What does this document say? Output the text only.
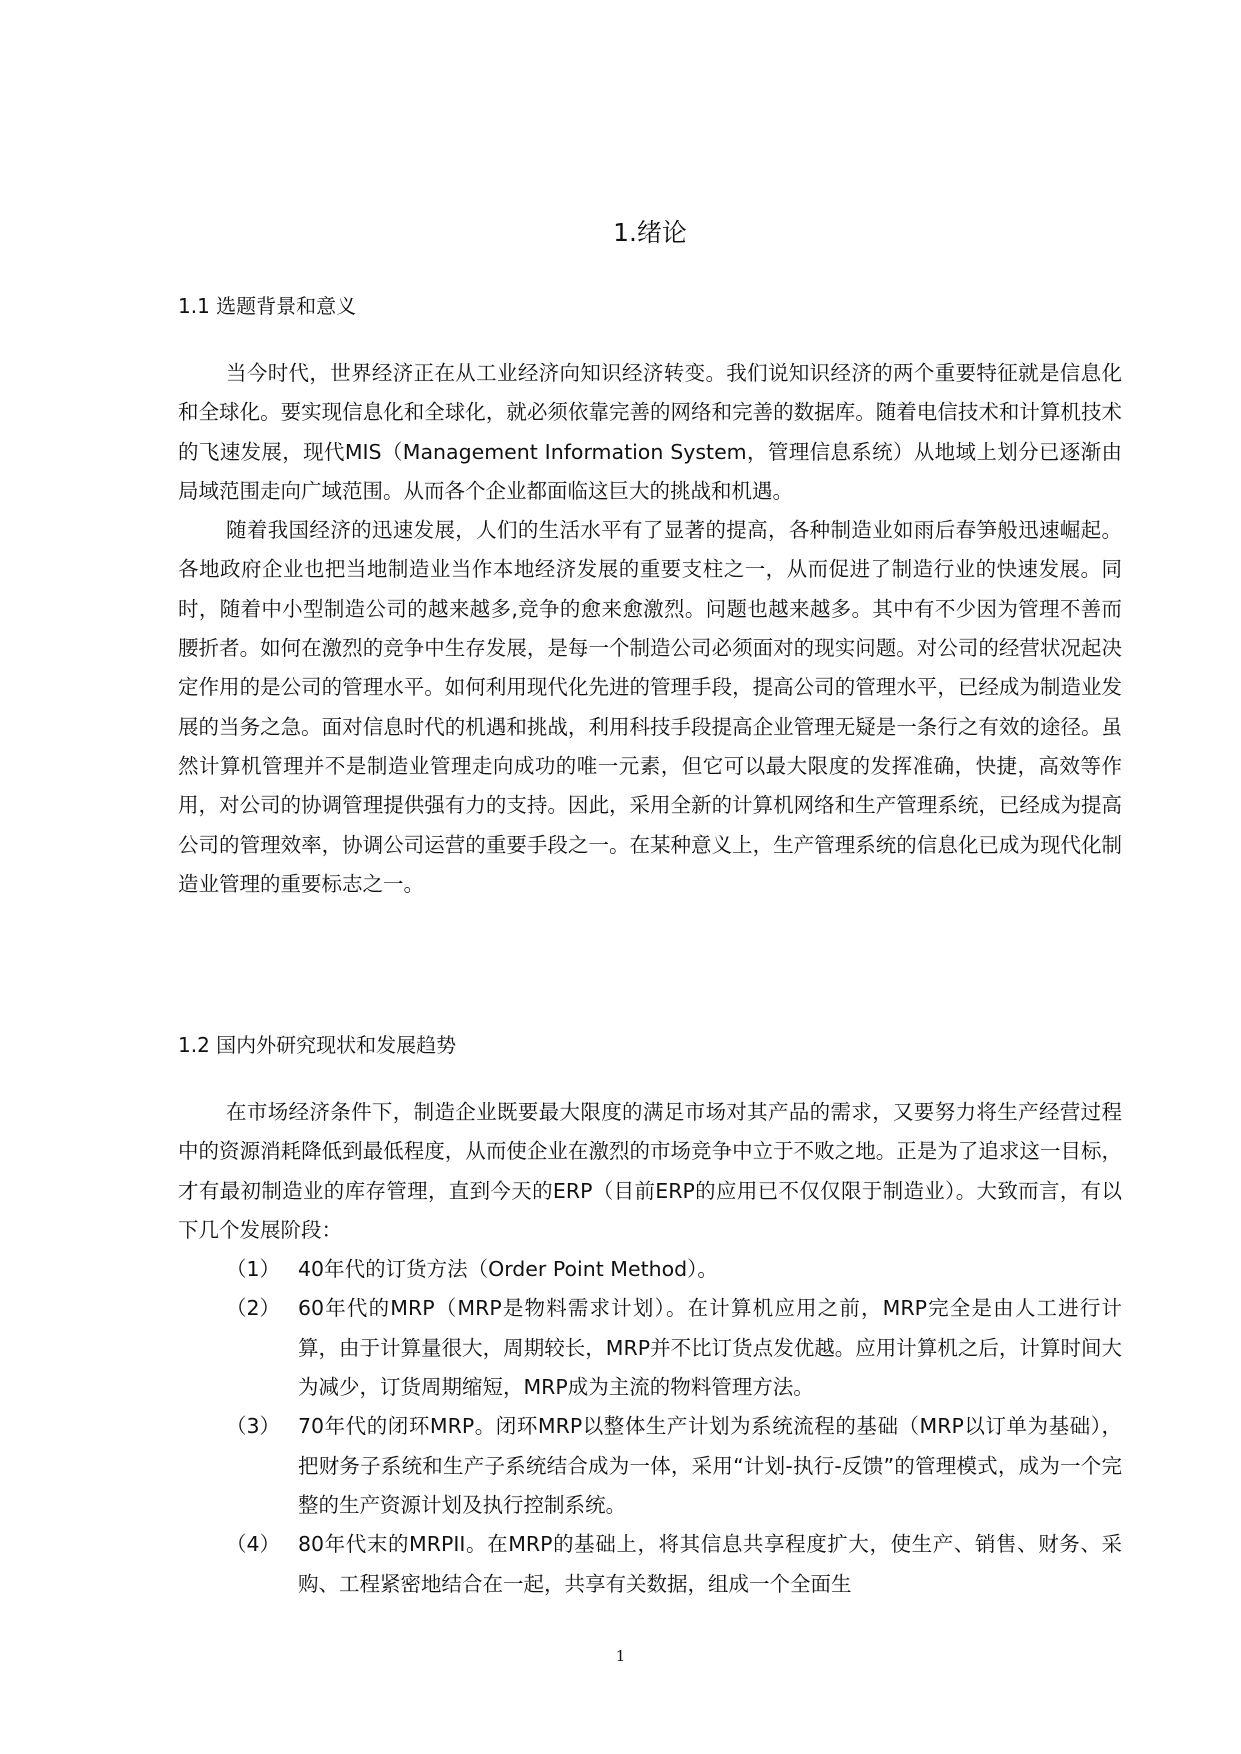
1.绪论
1.1 选题背景和意义

当今时代，世界经济正在从工业经济向知识经济转变。我们说知识经济的两个重要特征就是信息化和全球化。要实现信息化和全球化，就必须依靠完善的网络和完善的数据库。随着电信技术和计算机技术的飞速发展，现代MIS（Management Information System，管理信息系统）从地域上划分已逐渐由局域范围走向广域范围。从而各个企业都面临这巨大的挑战和机遇。

随着我国经济的迅速发展，人们的生活水平有了显著的提高，各种制造业如雨后春笋般迅速崛起。各地政府企业也把当地制造业当作本地经济发展的重要支柱之一，从而促进了制造行业的快速发展。同时，随着中小型制造公司的越来越多,竞争的愈来愈激烈。问题也越来越多。其中有不少因为管理不善而腰折者。如何在激烈的竞争中生存发展，是每一个制造公司必须面对的现实问题。对公司的经营状况起决定作用的是公司的管理水平。如何利用现代化先进的管理手段，提高公司的管理水平，已经成为制造业发展的当务之急。面对信息时代的机遇和挑战，利用科技手段提高企业管理无疑是一条行之有效的途径。虽然计算机管理并不是制造业管理走向成功的唯一元素，但它可以最大限度的发挥准确，快捷，高效等作用，对公司的协调管理提供强有力的支持。因此，采用全新的计算机网络和生产管理系统，已经成为提高公司的管理效率，协调公司运营的重要手段之一。在某种意义上，生产管理系统的信息化已成为现代化制造业管理的重要标志之一。

1.2 国内外研究现状和发展趋势

在市场经济条件下，制造企业既要最大限度的满足市场对其产品的需求，又要努力将生产经营过程中的资源消耗降低到最低程度，从而使企业在激烈的市场竞争中立于不败之地。正是为了追求这一目标，才有最初制造业的库存管理，直到今天的ERP（目前ERP的应用已不仅仅限于制造业）。大致而言，有以下几个发展阶段：

（1） 40年代的订货方法（Order Point Method）。
（2） 60年代的MRP（MRP是物料需求计划）。在计算机应用之前，MRP完全是由人工进行计算，由于计算量很大，周期较长，MRP并不比订货点发优越。应用计算机之后，计算时间大为减少，订货周期缩短，MRP成为主流的物料管理方法。
（3） 70年代的闭环MRP。闭环MRP以整体生产计划为系统流程的基础（MRP以订单为基础），把财务子系统和生产子系统结合成为一体，采用“计划-执行-反馈”的管理模式，成为一个完整的生产资源计划及执行控制系统。
（4） 80年代末的MRPII。在MRP的基础上，将其信息共享程度扩大，使生产、销售、财务、采购、工程紧密地结合在一起，共享有关数据，组成一个全面生
1
